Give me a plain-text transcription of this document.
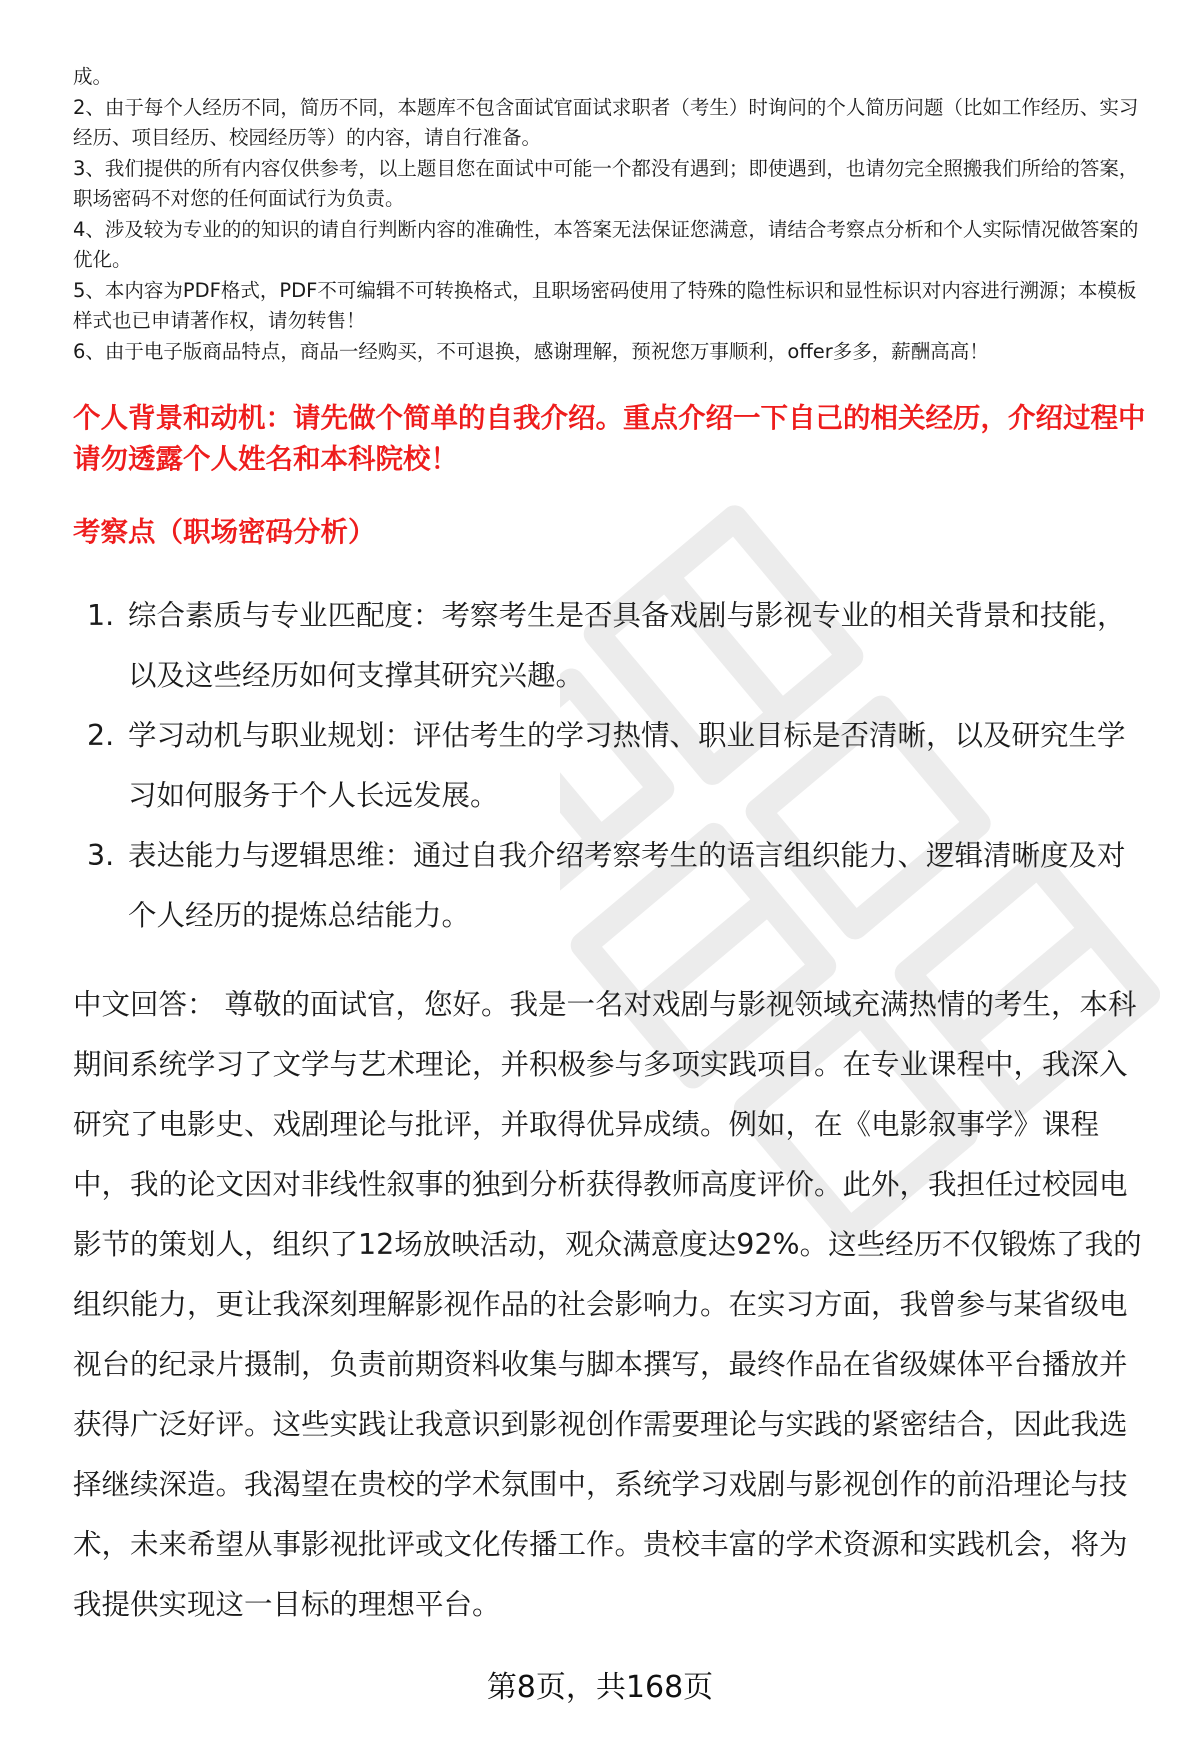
成。

2、由于每个人经历不同，简历不同，本题库不包含面试官面试求职者（考生）时询问的个人简历问题（比如工作经历、实习经历、项目经历、校园经历等）的内容，请自行准备。

3、我们提供的所有内容仅供参考，以上题目您在面试中可能一个都没有遇到；即使遇到，也请勿完全照搬我们所给的答案，职场密码不对您的任何面试行为负责。

4、涉及较为专业的的知识的请自行判断内容的准确性，本答案无法保证您满意，请结合考察点分析和个人实际情况做答案的优化。

5、本内容为PDF格式，PDF不可编辑不可转换格式，且职场密码使用了特殊的隐性标识和显性标识对内容进行溯源；本模板样式也已申请著作权，请勿转售！

6、由于电子版商品特点，商品一经购买，不可退换，感谢理解，预祝您万事顺利，offer多多，薪酬高高！

个人背景和动机：请先做个简单的自我介绍。重点介绍一下自己的相关经历，介绍过程中请勿透露个人姓名和本科院校！
考察点（职场密码分析）
1. 综合素质与专业匹配度：考察考生是否具备戏剧与影视专业的相关背景和技能，以及这些经历如何支撑其研究兴趣。
2. 学习动机与职业规划：评估考生的学习热情、职业目标是否清晰，以及研究生学习如何服务于个人长远发展。
3. 表达能力与逻辑思维：通过自我介绍考察考生的语言组织能力、逻辑清晰度及对个人经历的提炼总结能力。

中文回答： 尊敬的面试官，您好。我是一名对戏剧与影视领域充满热情的考生，本科期间系统学习了文学与艺术理论，并积极参与多项实践项目。在专业课程中，我深入研究了电影史、戏剧理论与批评，并取得优异成绩。例如，在《电影叙事学》课程中，我的论文因对非线性叙事的独到分析获得教师高度评价。此外，我担任过校园电影节的策划人，组织了12场放映活动，观众满意度达92%。这些经历不仅锻炼了我的组织能力，更让我深刻理解影视作品的社会影响力。在实习方面，我曾参与某省级电视台的纪录片摄制，负责前期资料收集与脚本撰写，最终作品在省级媒体平台播放并获得广泛好评。这些实践让我意识到影视创作需要理论与实践的紧密结合，因此我选择继续深造。我渴望在贵校的学术氛围中，系统学习戏剧与影视创作的前沿理论与技术，未来希望从事影视批评或文化传播工作。贵校丰富的学术资源和实践机会，将为我提供实现这一目标的理想平台。

第8页，共168页
